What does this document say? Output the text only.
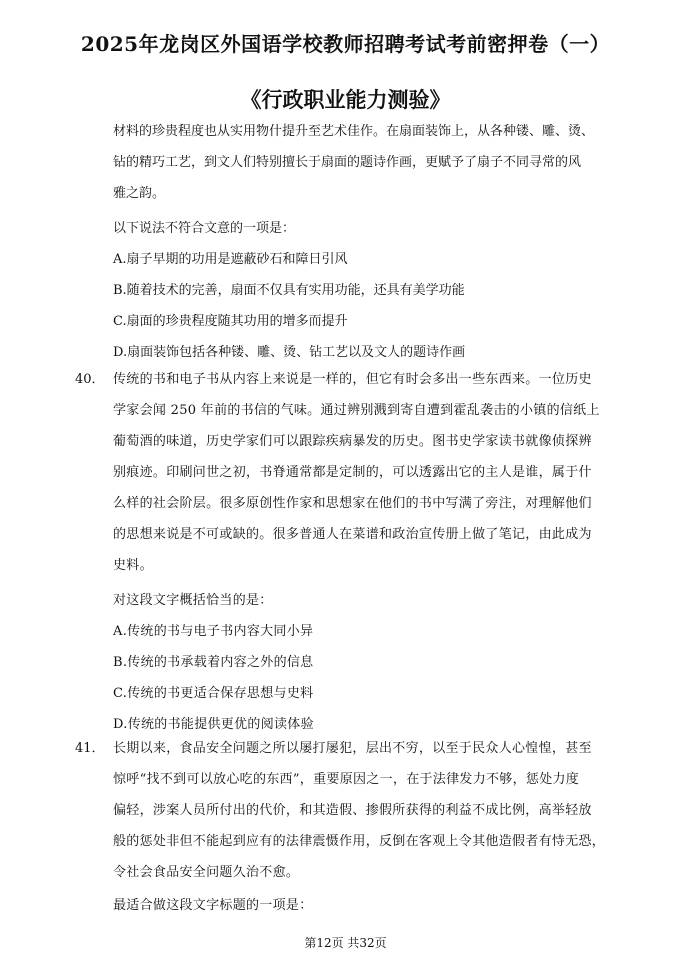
2025年龙岗区外国语学校教师招聘考试考前密押卷（一）
《行政职业能力测验》

材料的珍贵程度也从实用物什提升至艺术佳作。在扇面装饰上，从各种镂、雕、烫、

钻的精巧工艺，到文人们特别擅长于扇面的题诗作画，更赋予了扇子不同寻常的风

雅之韵。

以下说法不符合文意的一项是：

A.扇子早期的功用是遮蔽砂石和障日引风

B.随着技术的完善，扇面不仅具有实用功能，还具有美学功能

C.扇面的珍贵程度随其功用的增多而提升

D.扇面装饰包括各种镂、雕、烫、钻工艺以及文人的题诗作画

40． 传统的书和电子书从内容上来说是一样的，但它有时会多出一些东西来。一位历史

学家会闻 250 年前的书信的气味。通过辨别溅到寄自遭到霍乱袭击的小镇的信纸上

葡萄酒的味道，历史学家们可以跟踪疾病暴发的历史。图书史学家读书就像侦探辨

别痕迹。印刷问世之初，书脊通常都是定制的，可以透露出它的主人是谁，属于什

么样的社会阶层。很多原创性作家和思想家在他们的书中写满了旁注，对理解他们

的思想来说是不可或缺的。很多普通人在菜谱和政治宣传册上做了笔记，由此成为

史料。

对这段文字概括恰当的是：

A.传统的书与电子书内容大同小异

B.传统的书承载着内容之外的信息

C.传统的书更适合保存思想与史料

D.传统的书能提供更优的阅读体验

41． 长期以来，食品安全问题之所以屡打屡犯，层出不穷，以至于民众人心惶惶，甚至

惊呼“找不到可以放心吃的东西”，重要原因之一，在于法律发力不够，惩处力度

偏轻，涉案人员所付出的代价，和其造假、掺假所获得的利益不成比例，高举轻放

般的惩处非但不能起到应有的法律震慑作用，反倒在客观上令其他造假者有恃无恐，

令社会食品安全问题久治不愈。

最适合做这段文字标题的一项是：

第12页 共32页
